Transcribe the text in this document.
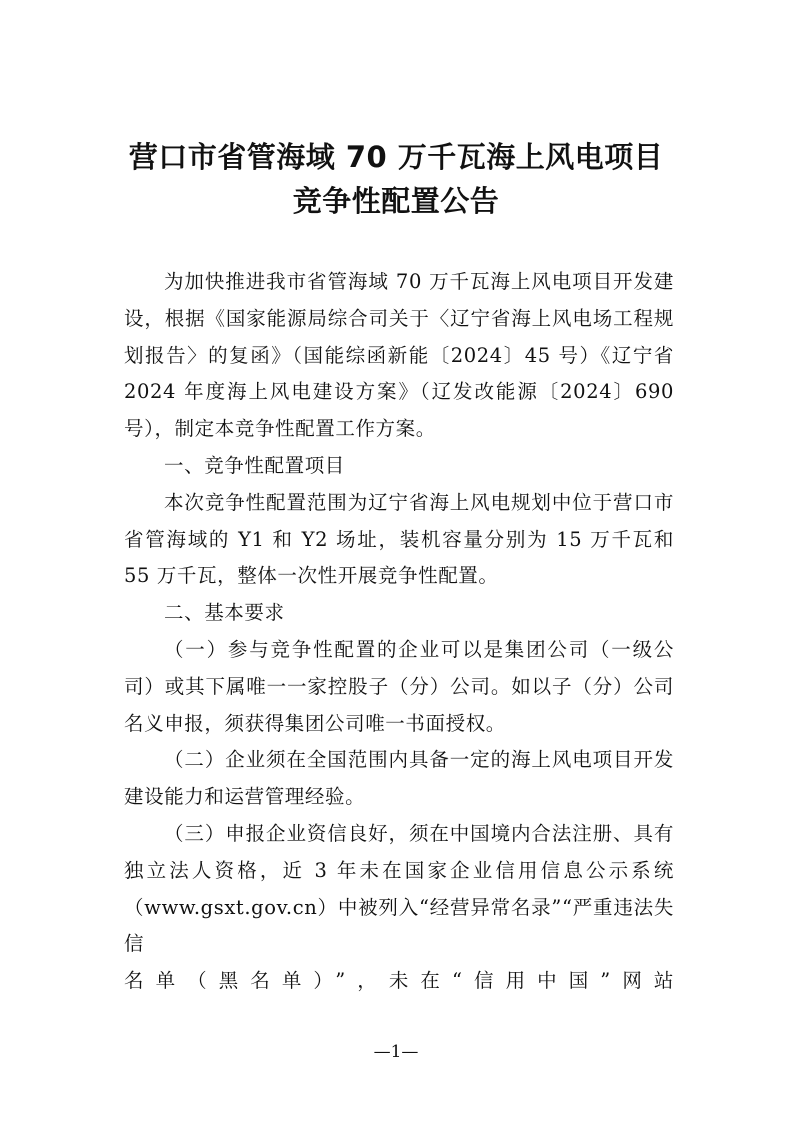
营口市省管海域 70 万千瓦海上风电项目
竞争性配置公告

为加快推进我市省管海域 70 万千瓦海上风电项目开发建设，根据《国家能源局综合司关于〈辽宁省海上风电场工程规划报告〉的复函》（国能综函新能〔2024〕45 号）《辽宁省 2024 年度海上风电建设方案》（辽发改能源〔2024〕690 号），制定本竞争性配置工作方案。

一、竞争性配置项目

本次竞争性配置范围为辽宁省海上风电规划中位于营口市省管海域的 Y1 和 Y2 场址，装机容量分别为 15 万千瓦和 55 万千瓦，整体一次性开展竞争性配置。

二、基本要求

（一）参与竞争性配置的企业可以是集团公司（一级公司）或其下属唯一一家控股子（分）公司。如以子（分）公司名义申报，须获得集团公司唯一书面授权。

（二）企业须在全国范围内具备一定的海上风电项目开发建设能力和运营管理经验。

（三）申报企业资信良好，须在中国境内合法注册、具有独立法人资格，近 3 年未在国家企业信用信息公示系统（www.gsxt.gov.cn）中被列入“经营异常名录”“严重违法失信

名单（黑名单）”，未在“信用中国”网站

—1—
